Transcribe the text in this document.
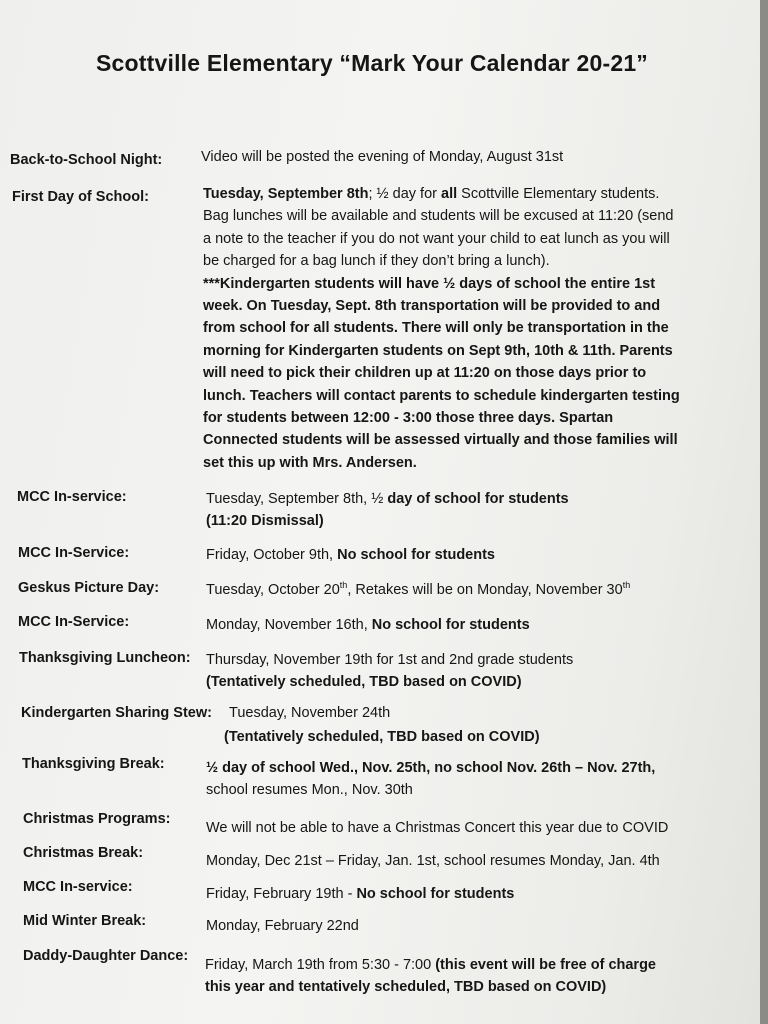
Scottville Elementary “Mark Your Calendar 20-21”
Back-to-School Night:	Video will be posted the evening of Monday, August 31st
First Day of School:	Tuesday, September 8th; ½ day for all Scottville Elementary students.
Bag lunches will be available and students will be excused at 11:20 (send
a note to the teacher if you do not want your child to eat lunch as you will
be charged for a bag lunch if they don’t bring a lunch).
***Kindergarten students will have ½ days of school the entire 1st
week. On Tuesday, Sept. 8th transportation will be provided to and
from school for all students. There will only be transportation in the
morning for Kindergarten students on Sept 9th, 10th & 11th. Parents
will need to pick their children up at 11:20 on those days prior to
lunch. Teachers will contact parents to schedule kindergarten testing
for students between 12:00 - 3:00 those three days. Spartan
Connected students will be assessed virtually and those families will
set this up with Mrs. Andersen.
MCC In-service:	Tuesday, September 8th, ½ day of school for students
(11:20 Dismissal)
MCC In-Service:	Friday, October 9th, No school for students
Geskus Picture Day:	Tuesday, October 20th, Retakes will be on Monday, November 30th
MCC In-Service:	Monday, November 16th, No school for students
Thanksgiving Luncheon: Thursday, November 19th for 1st and 2nd grade students
(Tentatively scheduled, TBD based on COVID)
Kindergarten Sharing Stew: Tuesday, November 24th
(Tentatively scheduled, TBD based on COVID)
Thanksgiving Break:	½ day of school Wed., Nov. 25th, no school Nov. 26th – Nov. 27th,
school resumes Mon., Nov. 30th
Christmas Programs:
We will not be able to have a Christmas Concert this year due to COVID
Christmas Break:	Monday, Dec 21st – Friday, Jan. 1st, school resumes Monday, Jan. 4th
MCC In-service:	Friday, February 19th - No school for students
Mid Winter Break:	Monday, February 22nd
Daddy-Daughter Dance:
Friday, March 19th from 5:30 - 7:00 (this event will be free of charge
this year and tentatively scheduled, TBD based on COVID)
